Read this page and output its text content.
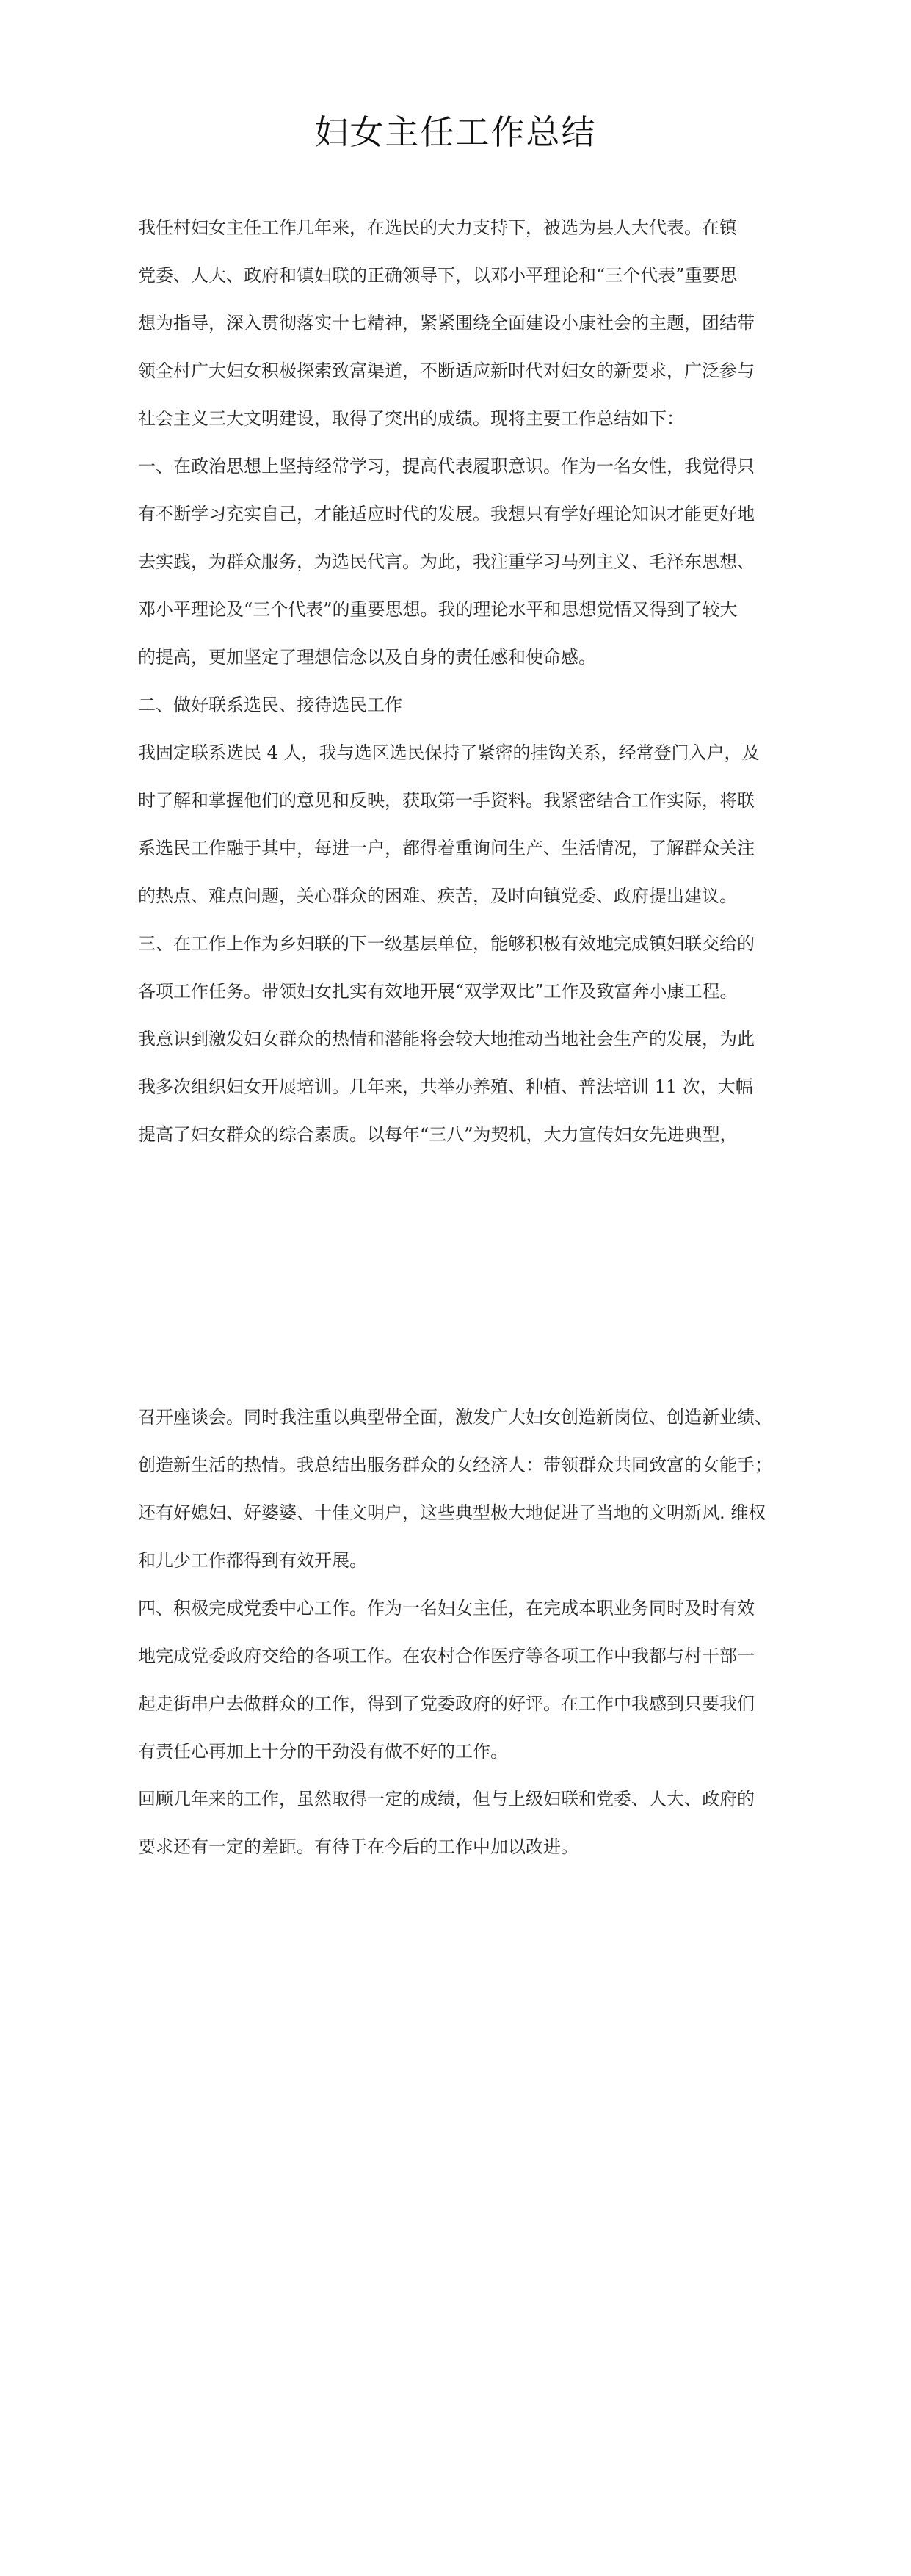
妇女主任工作总结
我任村妇女主任工作几年来，在选民的大力支持下，被选为县人大代表。在镇
党委、人大、政府和镇妇联的正确领导下，以邓小平理论和“三个代表”重要思
想为指导，深入贯彻落实十七精神，紧紧围绕全面建设小康社会的主题，团结带
领全村广大妇女积极探索致富渠道，不断适应新时代对妇女的新要求，广泛参与
社会主义三大文明建设，取得了突出的成绩。现将主要工作总结如下：
一、在政治思想上坚持经常学习，提高代表履职意识。作为一名女性，我觉得只
有不断学习充实自己，才能适应时代的发展。我想只有学好理论知识才能更好地
去实践，为群众服务，为选民代言。为此，我注重学习马列主义、毛泽东思想、
邓小平理论及“三个代表”的重要思想。我的理论水平和思想觉悟又得到了较大
的提高，更加坚定了理想信念以及自身的责任感和使命感。
二、做好联系选民、接待选民工作
我固定联系选民 4 人，我与选区选民保持了紧密的挂钩关系，经常登门入户，及
时了解和掌握他们的意见和反映，获取第一手资料。我紧密结合工作实际，将联
系选民工作融于其中，每进一户，都得着重询问生产、生活情况，了解群众关注
的热点、难点问题，关心群众的困难、疾苦，及时向镇党委、政府提出建议。
三、在工作上作为乡妇联的下一级基层单位，能够积极有效地完成镇妇联交给的
各项工作任务。带领妇女扎实有效地开展“双学双比”工作及致富奔小康工程。
我意识到激发妇女群众的热情和潜能将会较大地推动当地社会生产的发展，为此
我多次组织妇女开展培训。几年来，共举办养殖、种植、普法培训 11 次，大幅
提高了妇女群众的综合素质。以每年“三八”为契机，大力宣传妇女先进典型，
召开座谈会。同时我注重以典型带全面，激发广大妇女创造新岗位、创造新业绩、
创造新生活的热情。我总结出服务群众的女经济人：带领群众共同致富的女能手；
还有好媳妇、好婆婆、十佳文明户，这些典型极大地促进了当地的文明新风. 维权
和儿少工作都得到有效开展。
四、积极完成党委中心工作。作为一名妇女主任，在完成本职业务同时及时有效
地完成党委政府交给的各项工作。在农村合作医疗等各项工作中我都与村干部一
起走街串户去做群众的工作，得到了党委政府的好评。在工作中我感到只要我们
有责任心再加上十分的干劲没有做不好的工作。
回顾几年来的工作，虽然取得一定的成绩，但与上级妇联和党委、人大、政府的
要求还有一定的差距。有待于在今后的工作中加以改进。
